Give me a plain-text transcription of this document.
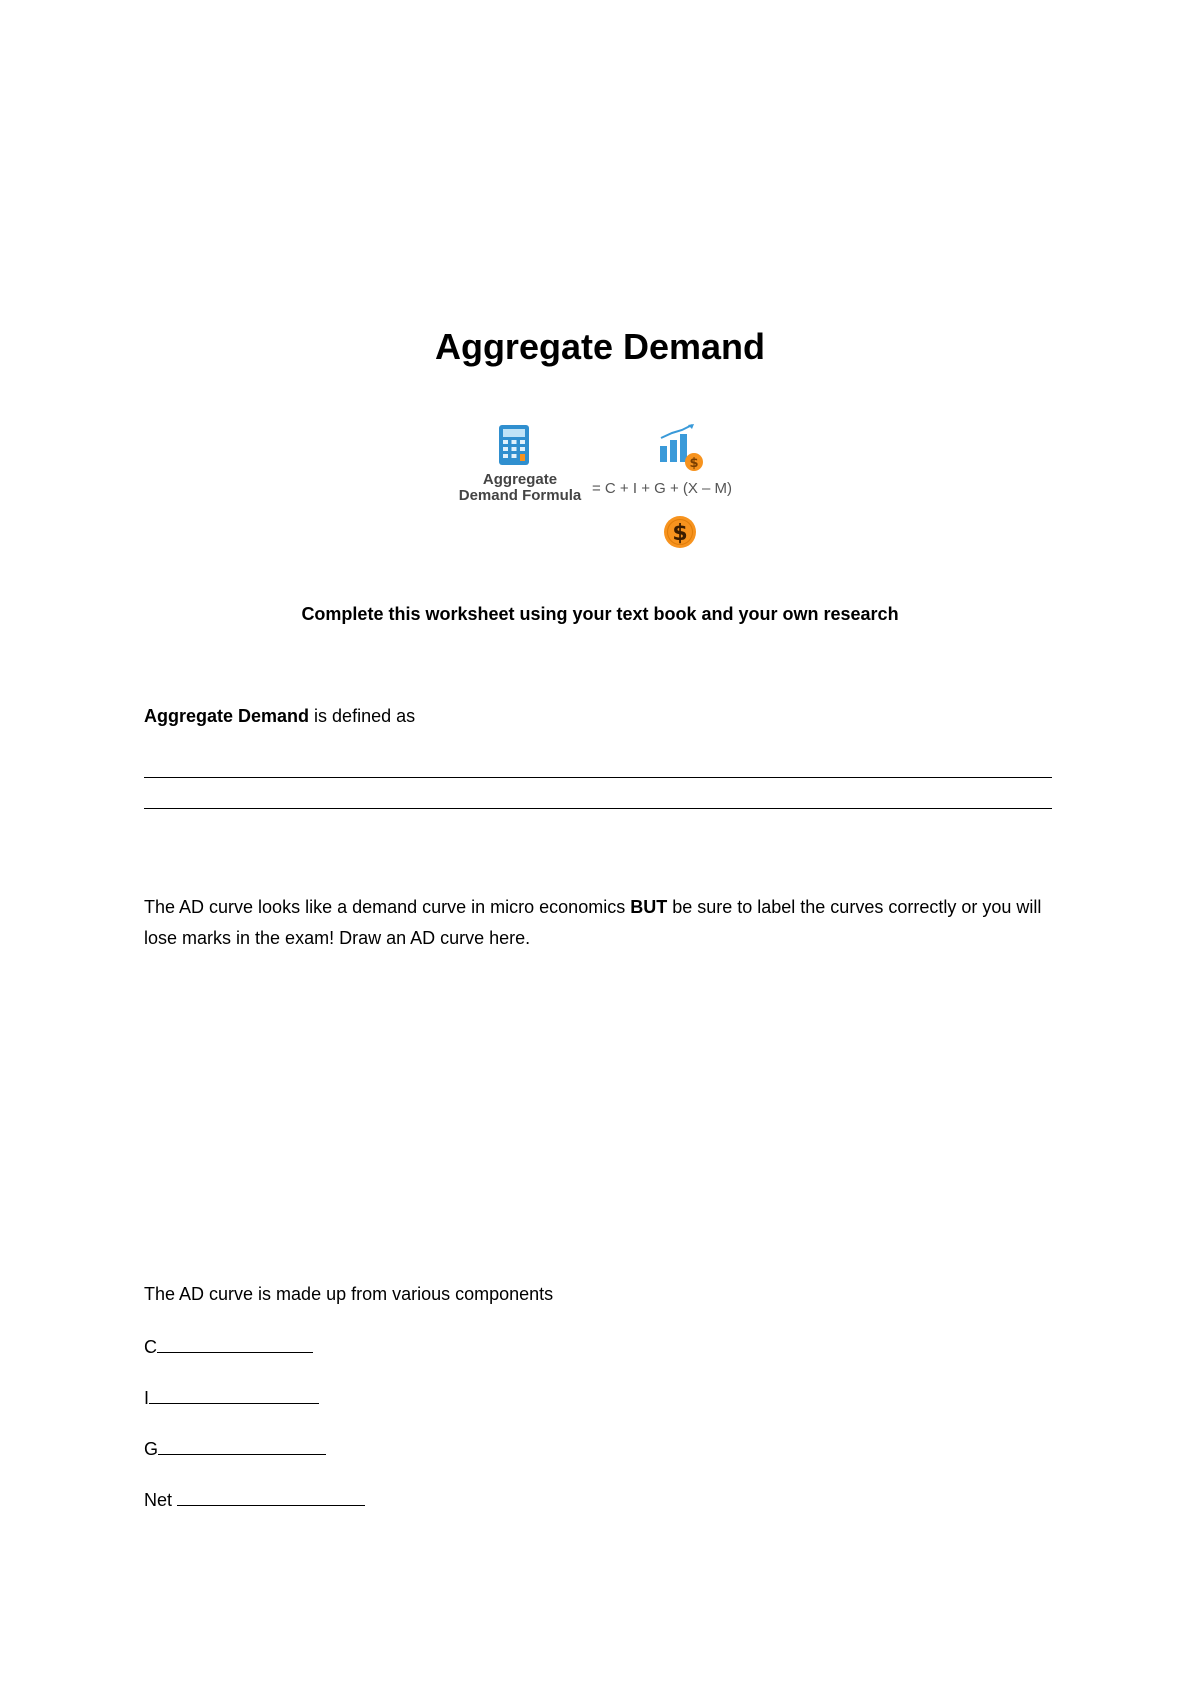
Aggregate Demand
$
Aggregate
Demand Formula = C + I + G + (X – M)
$
Complete this worksheet using your text book and your own research
Aggregate Demand is defined as
The AD curve looks like a demand curve in micro economics BUT be sure to label the curves correctly or you will lose marks in the exam! Draw an AD curve here.
The AD curve is made up from various components
C
I
G
Net
